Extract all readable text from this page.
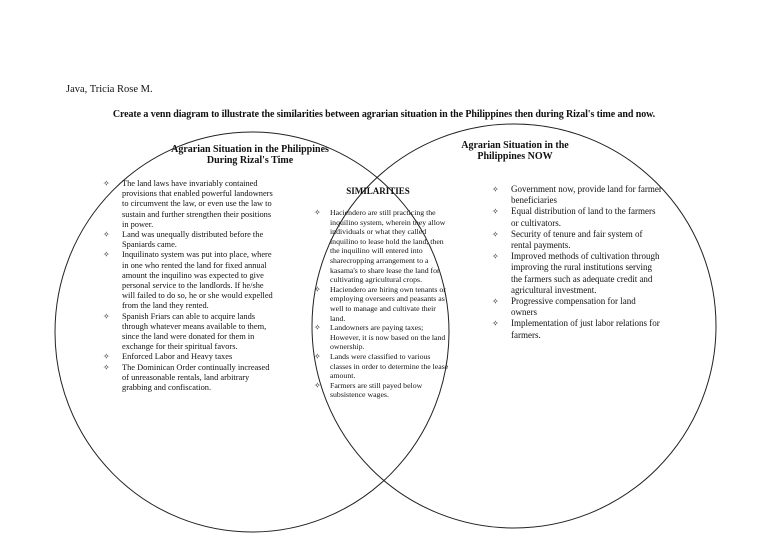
Java, Tricia Rose M.
Create a venn diagram to illustrate the similarities between agrarian situation in the Philippines then during Rizal's time and now.
Agrarian Situation in the Philippines
During Rizal's Time
✧ The land laws have invariably contained provisions that enabled powerful landowners to circumvent the law, or even use the law to sustain and further strengthen their positions in power.
✧ Land was unequally distributed before the Spaniards came.
✧ Inquilinato system was put into place, where in one who rented the land for fixed annual amount the inquilino was expected to give personal service to the landlords. If he/she will failed to do so, he or she would expelled from the land they rented.
✧ Spanish Friars can able to acquire lands through whatever means available to them, since the land were donated for them in exchange for their spiritual favors.
✧ Enforced Labor and Heavy taxes
✧ The Dominican Order continually increased of unreasonable rentals, land arbitrary grabbing and confiscation.
SIMILARITIES
✧ Haciendero are still practicing the inquilino system, wherein they allow individuals or what they called inquilino to lease hold the land, then the inquilino will entered into sharecropping arrangement to a kasama's to share lease the land for cultivating agricultural crops.
✧ Haciendero are hiring own tenants or employing overseers and peasants as well to manage and cultivate their land.
✧ Landowners are paying taxes; However, it is now based on the land ownership.
✧ Lands were classified to various classes in order to determine the lease amount.
✧ Farmers are still payed below subsistence wages.
Agrarian Situation in the
Philippines NOW
✧ Government now, provide land for farmer beneficiaries
✧ Equal distribution of land to the farmers or cultivators.
✧ Security of tenure and fair system of rental payments.
✧ Improved methods of cultivation through improving the rural institutions serving the farmers such as adequate credit and agricultural investment.
✧ Progressive compensation for land owners
✧ Implementation of just labor relations for farmers.
